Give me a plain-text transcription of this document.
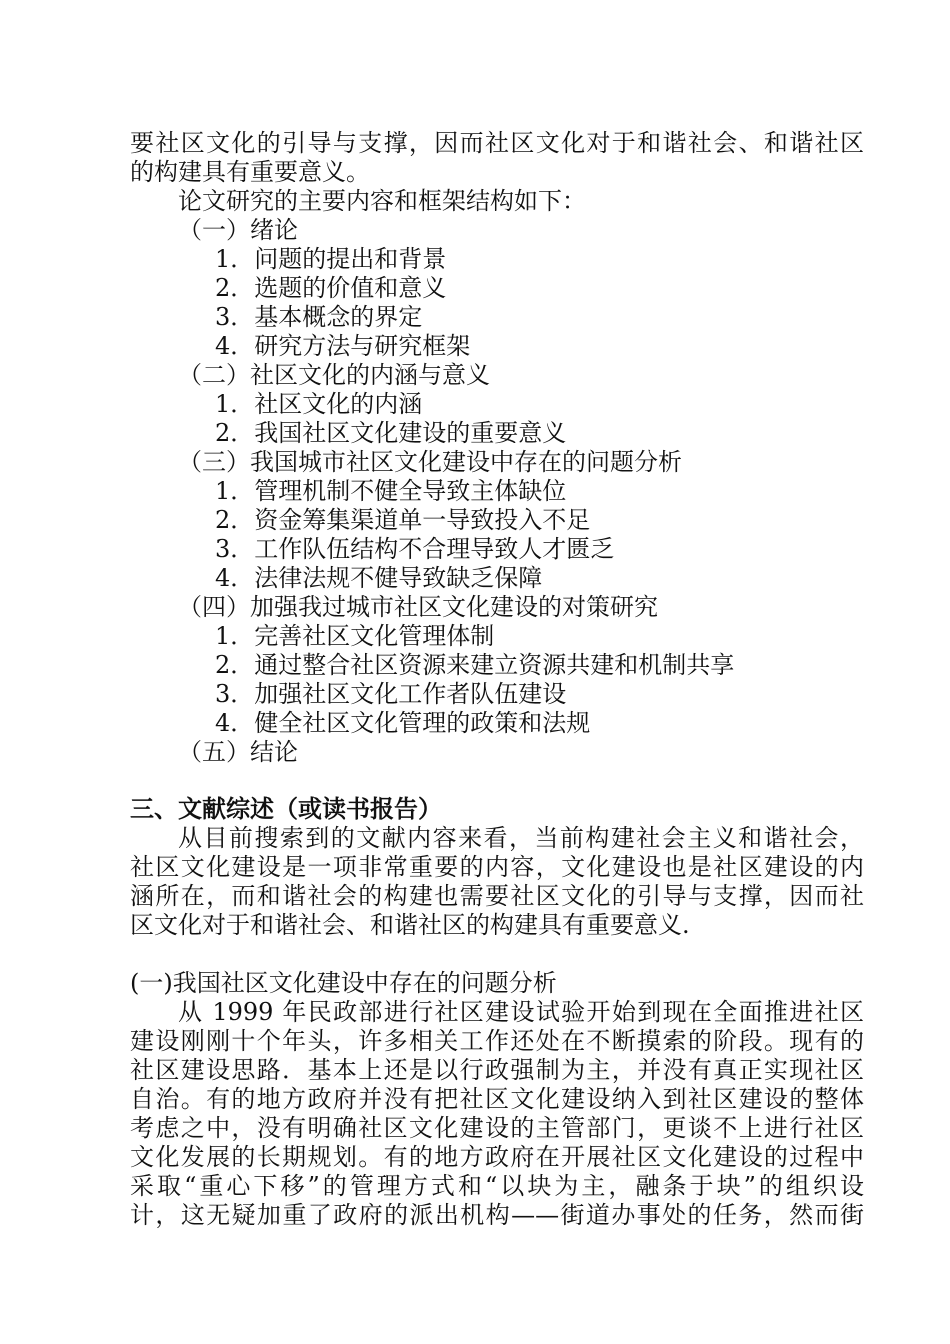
要社区文化的引导与支撑，因而社区文化对于和谐社会、和谐社区
的构建具有重要意义。
论文研究的主要内容和框架结构如下：
（一）绪论
1．问题的提出和背景
2．选题的价值和意义
3．基本概念的界定
4．研究方法与研究框架
（二）社区文化的内涵与意义
1．社区文化的内涵
2．我国社区文化建设的重要意义
（三）我国城市社区文化建设中存在的问题分析
1．管理机制不健全导致主体缺位
2．资金筹集渠道单一导致投入不足
3．工作队伍结构不合理导致人才匮乏
4．法律法规不健导致缺乏保障
（四）加强我过城市社区文化建设的对策研究
1．完善社区文化管理体制
2．通过整合社区资源来建立资源共建和机制共享
3．加强社区文化工作者队伍建设
4．健全社区文化管理的政策和法规
（五）结论
三、文献综述（或读书报告）
从目前搜索到的文献内容来看，当前构建社会主义和谐社会，
社区文化建设是一项非常重要的内容，文化建设也是社区建设的内
涵所在，而和谐社会的构建也需要社区文化的引导与支撑，因而社
区文化对于和谐社会、和谐社区的构建具有重要意义.
(一)我国社区文化建设中存在的问题分析
从 1999 年民政部进行社区建设试验开始到现在全面推进社区
建设刚刚十个年头，许多相关工作还处在不断摸索的阶段。现有的
社区建设思路．基本上还是以行政强制为主，并没有真正实现社区
自治。有的地方政府并没有把社区文化建设纳入到社区建设的整体
考虑之中，没有明确社区文化建设的主管部门，更谈不上进行社区
文化发展的长期规划。有的地方政府在开展社区文化建设的过程中
采取“重心下移”的管理方式和“以块为主，融条于块”的组织设
计，这无疑加重了政府的派出机构——街道办事处的任务，然而街
